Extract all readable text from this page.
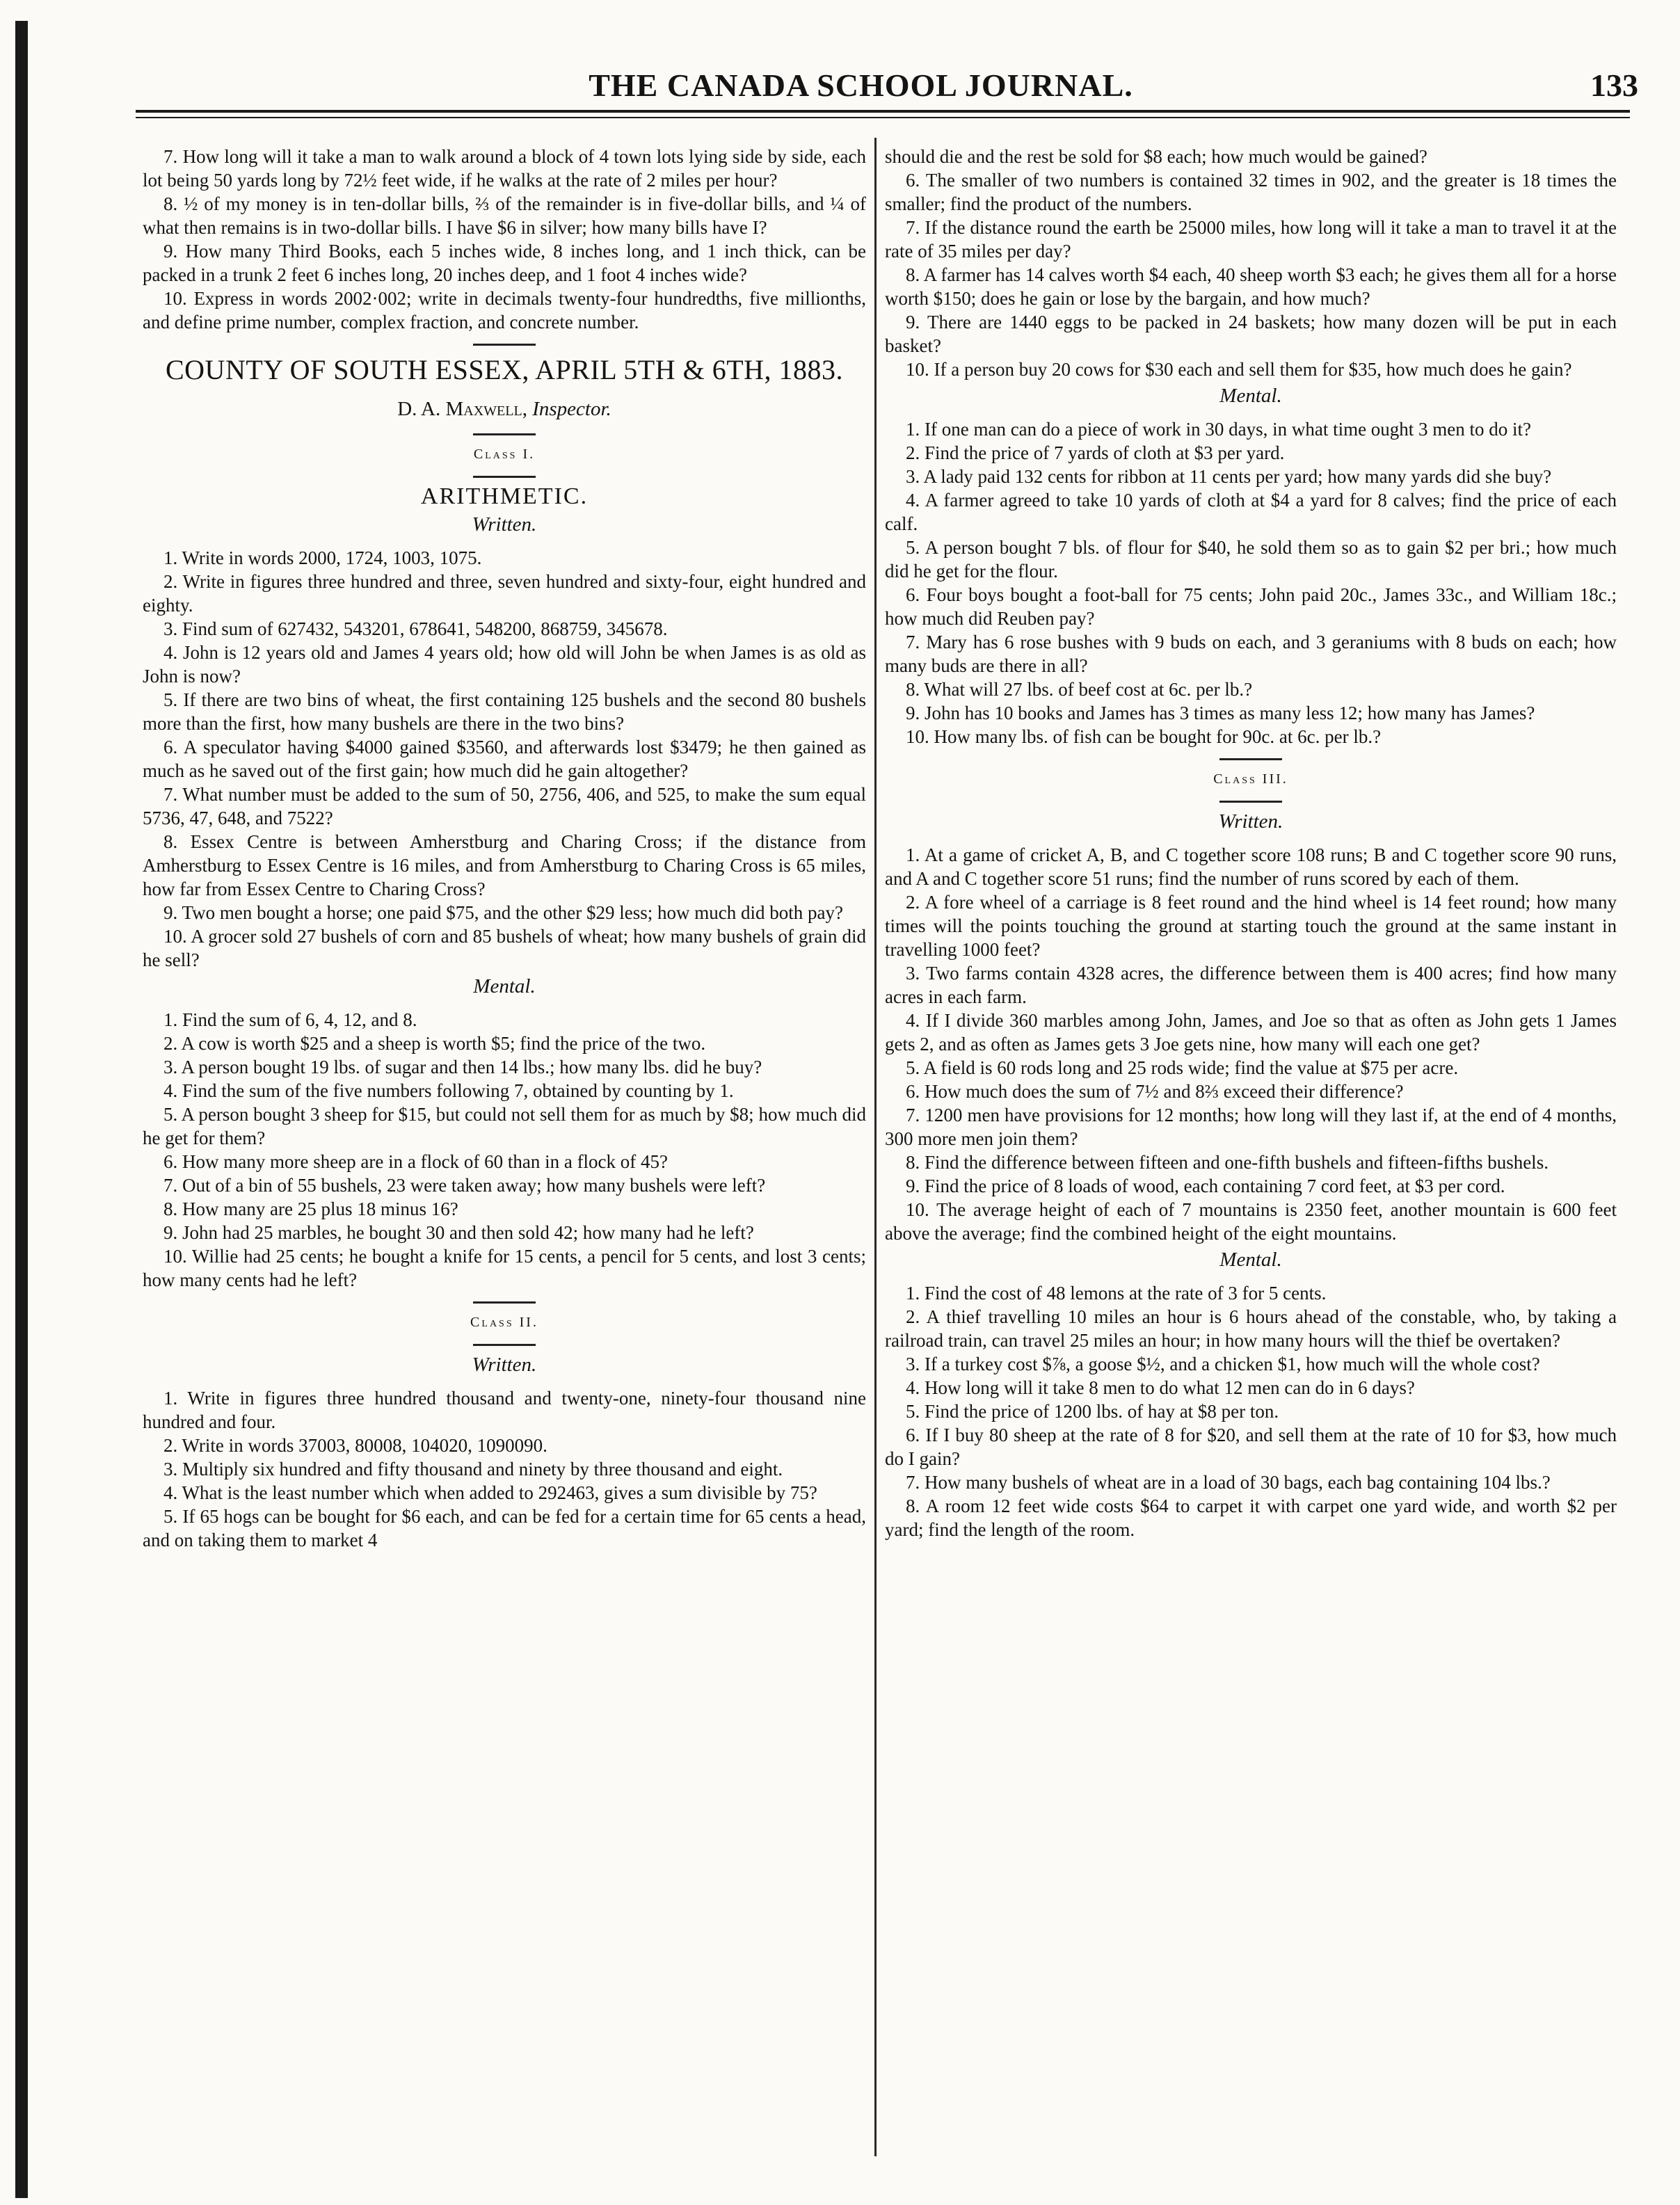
THE CANADA SCHOOL JOURNAL.	133

7. How long will it take a man to walk around a block of 4 town lots lying side by side, each lot being 50 yards long by 72½ feet wide, if he walks at the rate of 2 miles per hour?

8. ½ of my money is in ten-dollar bills, ⅔ of the remainder is in five-dollar bills, and ¼ of what then remains is in two-dollar bills. I have $6 in silver; how many bills have I?

9. How many Third Books, each 5 inches wide, 8 inches long, and 1 inch thick, can be packed in a trunk 2 feet 6 inches long, 20 inches deep, and 1 foot 4 inches wide?

10. Express in words 2002·002; write in decimals twenty-four hundredths, five millionths, and define prime number, complex fraction, and concrete number.

COUNTY OF SOUTH ESSEX, APRIL 5TH & 6TH, 1883.

D. A. Maxwell, Inspector.

Class I.

ARITHMETIC.

Written.

1. Write in words 2000, 1724, 1003, 1075.

2. Write in figures three hundred and three, seven hundred and sixty-four, eight hundred and eighty.

3. Find sum of 627432, 543201, 678641, 548200, 868759, 345678.

4. John is 12 years old and James 4 years old; how old will John be when James is as old as John is now?

5. If there are two bins of wheat, the first containing 125 bushels and the second 80 bushels more than the first, how many bushels are there in the two bins?

6. A speculator having $4000 gained $3560, and afterwards lost $3479; he then gained as much as he saved out of the first gain; how much did he gain altogether?

7. What number must be added to the sum of 50, 2756, 406, and 525, to make the sum equal 5736, 47, 648, and 7522?

8. Essex Centre is between Amherstburg and Charing Cross; if the distance from Amherstburg to Essex Centre is 16 miles, and from Amherstburg to Charing Cross is 65 miles, how far from Essex Centre to Charing Cross?

9. Two men bought a horse; one paid $75, and the other $29 less; how much did both pay?

10. A grocer sold 27 bushels of corn and 85 bushels of wheat; how many bushels of grain did he sell?

Mental.

1. Find the sum of 6, 4, 12, and 8.

2. A cow is worth $25 and a sheep is worth $5; find the price of the two.

3. A person bought 19 lbs. of sugar and then 14 lbs.; how many lbs. did he buy?

4. Find the sum of the five numbers following 7, obtained by counting by 1.

5. A person bought 3 sheep for $15, but could not sell them for as much by $8; how much did he get for them?

6. How many more sheep are in a flock of 60 than in a flock of 45?

7. Out of a bin of 55 bushels, 23 were taken away; how many bushels were left?

8. How many are 25 plus 18 minus 16?

9. John had 25 marbles, he bought 30 and then sold 42; how many had he left?

10. Willie had 25 cents; he bought a knife for 15 cents, a pencil for 5 cents, and lost 3 cents; how many cents had he left?

Class II.

Written.

1. Write in figures three hundred thousand and twenty-one, ninety-four thousand nine hundred and four.

2. Write in words 37003, 80008, 104020, 1090090.

3. Multiply six hundred and fifty thousand and ninety by three thousand and eight.

4. What is the least number which when added to 292463, gives a sum divisible by 75?

5. If 65 hogs can be bought for $6 each, and can be fed for a certain time for 65 cents a head, and on taking them to market 4

should die and the rest be sold for $8 each; how much would be gained?

6. The smaller of two numbers is contained 32 times in 902, and the greater is 18 times the smaller; find the product of the numbers.

7. If the distance round the earth be 25000 miles, how long will it take a man to travel it at the rate of 35 miles per day?

8. A farmer has 14 calves worth $4 each, 40 sheep worth $3 each; he gives them all for a horse worth $150; does he gain or lose by the bargain, and how much?

9. There are 1440 eggs to be packed in 24 baskets; how many dozen will be put in each basket?

10. If a person buy 20 cows for $30 each and sell them for $35, how much does he gain?

Mental.

1. If one man can do a piece of work in 30 days, in what time ought 3 men to do it?

2. Find the price of 7 yards of cloth at $3 per yard.

3. A lady paid 132 cents for ribbon at 11 cents per yard; how many yards did she buy?

4. A farmer agreed to take 10 yards of cloth at $4 a yard for 8 calves; find the price of each calf.

5. A person bought 7 bls. of flour for $40, he sold them so as to gain $2 per bri.; how much did he get for the flour.

6. Four boys bought a foot-ball for 75 cents; John paid 20c., James 33c., and William 18c.; how much did Reuben pay?

7. Mary has 6 rose bushes with 9 buds on each, and 3 geraniums with 8 buds on each; how many buds are there in all?

8. What will 27 lbs. of beef cost at 6c. per lb.?

9. John has 10 books and James has 3 times as many less 12; how many has James?

10. How many lbs. of fish can be bought for 90c. at 6c. per lb.?

Class III.

Written.

1. At a game of cricket A, B, and C together score 108 runs; B and C together score 90 runs, and A and C together score 51 runs; find the number of runs scored by each of them.

2. A fore wheel of a carriage is 8 feet round and the hind wheel is 14 feet round; how many times will the points touching the ground at starting touch the ground at the same instant in travelling 1000 feet?

3. Two farms contain 4328 acres, the difference between them is 400 acres; find how many acres in each farm.

4. If I divide 360 marbles among John, James, and Joe so that as often as John gets 1 James gets 2, and as often as James gets 3 Joe gets nine, how many will each one get?

5. A field is 60 rods long and 25 rods wide; find the value at $75 per acre.

6. How much does the sum of 7½ and 8⅔ exceed their difference?

7. 1200 men have provisions for 12 months; how long will they last if, at the end of 4 months, 300 more men join them?

8. Find the difference between fifteen and one-fifth bushels and fifteen-fifths bushels.

9. Find the price of 8 loads of wood, each containing 7 cord feet, at $3 per cord.

10. The average height of each of 7 mountains is 2350 feet, another mountain is 600 feet above the average; find the combined height of the eight mountains.

Mental.

1. Find the cost of 48 lemons at the rate of 3 for 5 cents.

2. A thief travelling 10 miles an hour is 6 hours ahead of the constable, who, by taking a railroad train, can travel 25 miles an hour; in how many hours will the thief be overtaken?

3. If a turkey cost $⅞, a goose $½, and a chicken $1, how much will the whole cost?

4. How long will it take 8 men to do what 12 men can do in 6 days?

5. Find the price of 1200 lbs. of hay at $8 per ton.

6. If I buy 80 sheep at the rate of 8 for $20, and sell them at the rate of 10 for $3, how much do I gain?

7. How many bushels of wheat are in a load of 30 bags, each bag containing 104 lbs.?

8. A room 12 feet wide costs $64 to carpet it with carpet one yard wide, and worth $2 per yard; find the length of the room.
